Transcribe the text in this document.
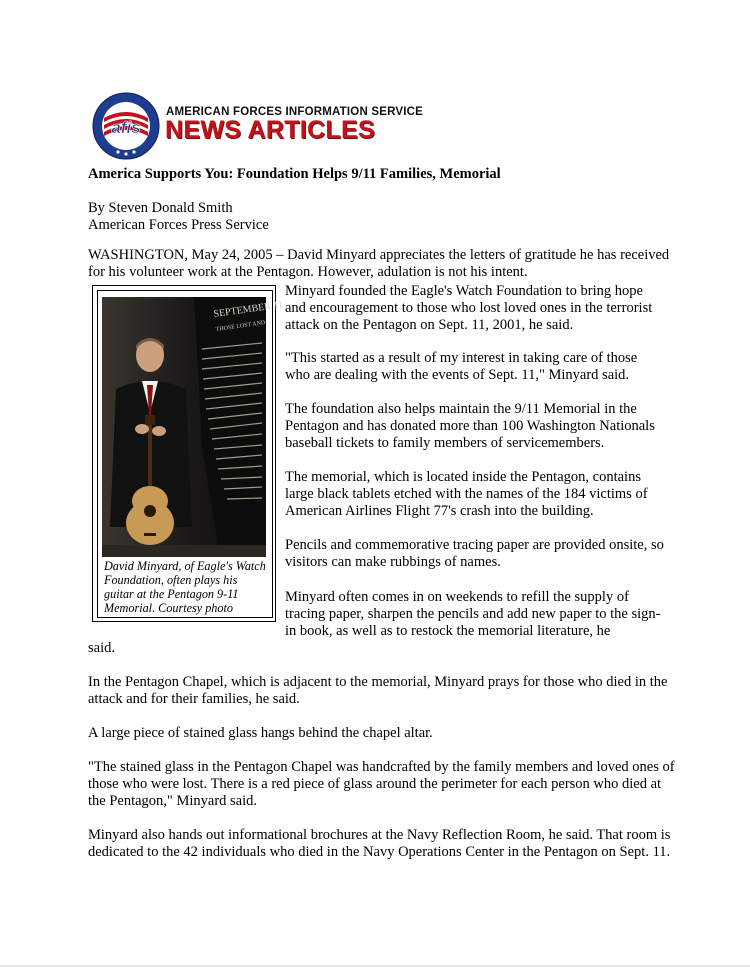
afis
AMERICAN FORCES INFORMATION SERVICE
NEWS ARTICLES
America Supports You: Foundation Helps 9/11 Families, Memorial
By Steven Donald Smith
American Forces Press Service
WASHINGTON, May 24, 2005 – David Minyard appreciates the letters of gratitude he has received for his volunteer work at the Pentagon. However, adulation is not his intent.
SEPTEMBER 11
THOSE LOST AND
David Minyard, of Eagle's Watch Foundation, often plays his guitar at the Pentagon 9-11 Memorial. Courtesy photo
Minyard founded the Eagle's Watch Foundation to bring hope and encouragement to those who lost loved ones in the terrorist attack on the Pentagon on Sept. 11, 2001, he said.
"This started as a result of my interest in taking care of those who are dealing with the events of Sept. 11," Minyard said.
The foundation also helps maintain the 9/11 Memorial in the Pentagon and has donated more than 100 Washington Nationals baseball tickets to family members of servicemembers.
The memorial, which is located inside the Pentagon, contains large black tablets etched with the names of the 184 victims of American Airlines Flight 77's crash into the building.
Pencils and commemorative tracing paper are provided onsite, so visitors can make rubbings of names.
Minyard often comes in on weekends to refill the supply of tracing paper, sharpen the pencils and add new paper to the sign-in book, as well as to restock the memorial literature, he
said.
In the Pentagon Chapel, which is adjacent to the memorial, Minyard prays for those who died in the attack and for their families, he said.
A large piece of stained glass hangs behind the chapel altar.
"The stained glass in the Pentagon Chapel was handcrafted by the family members and loved ones of those who were lost. There is a red piece of glass around the perimeter for each person who died at the Pentagon," Minyard said.
Minyard also hands out informational brochures at the Navy Reflection Room, he said. That room is dedicated to the 42 individuals who died in the Navy Operations Center in the Pentagon on Sept. 11.
